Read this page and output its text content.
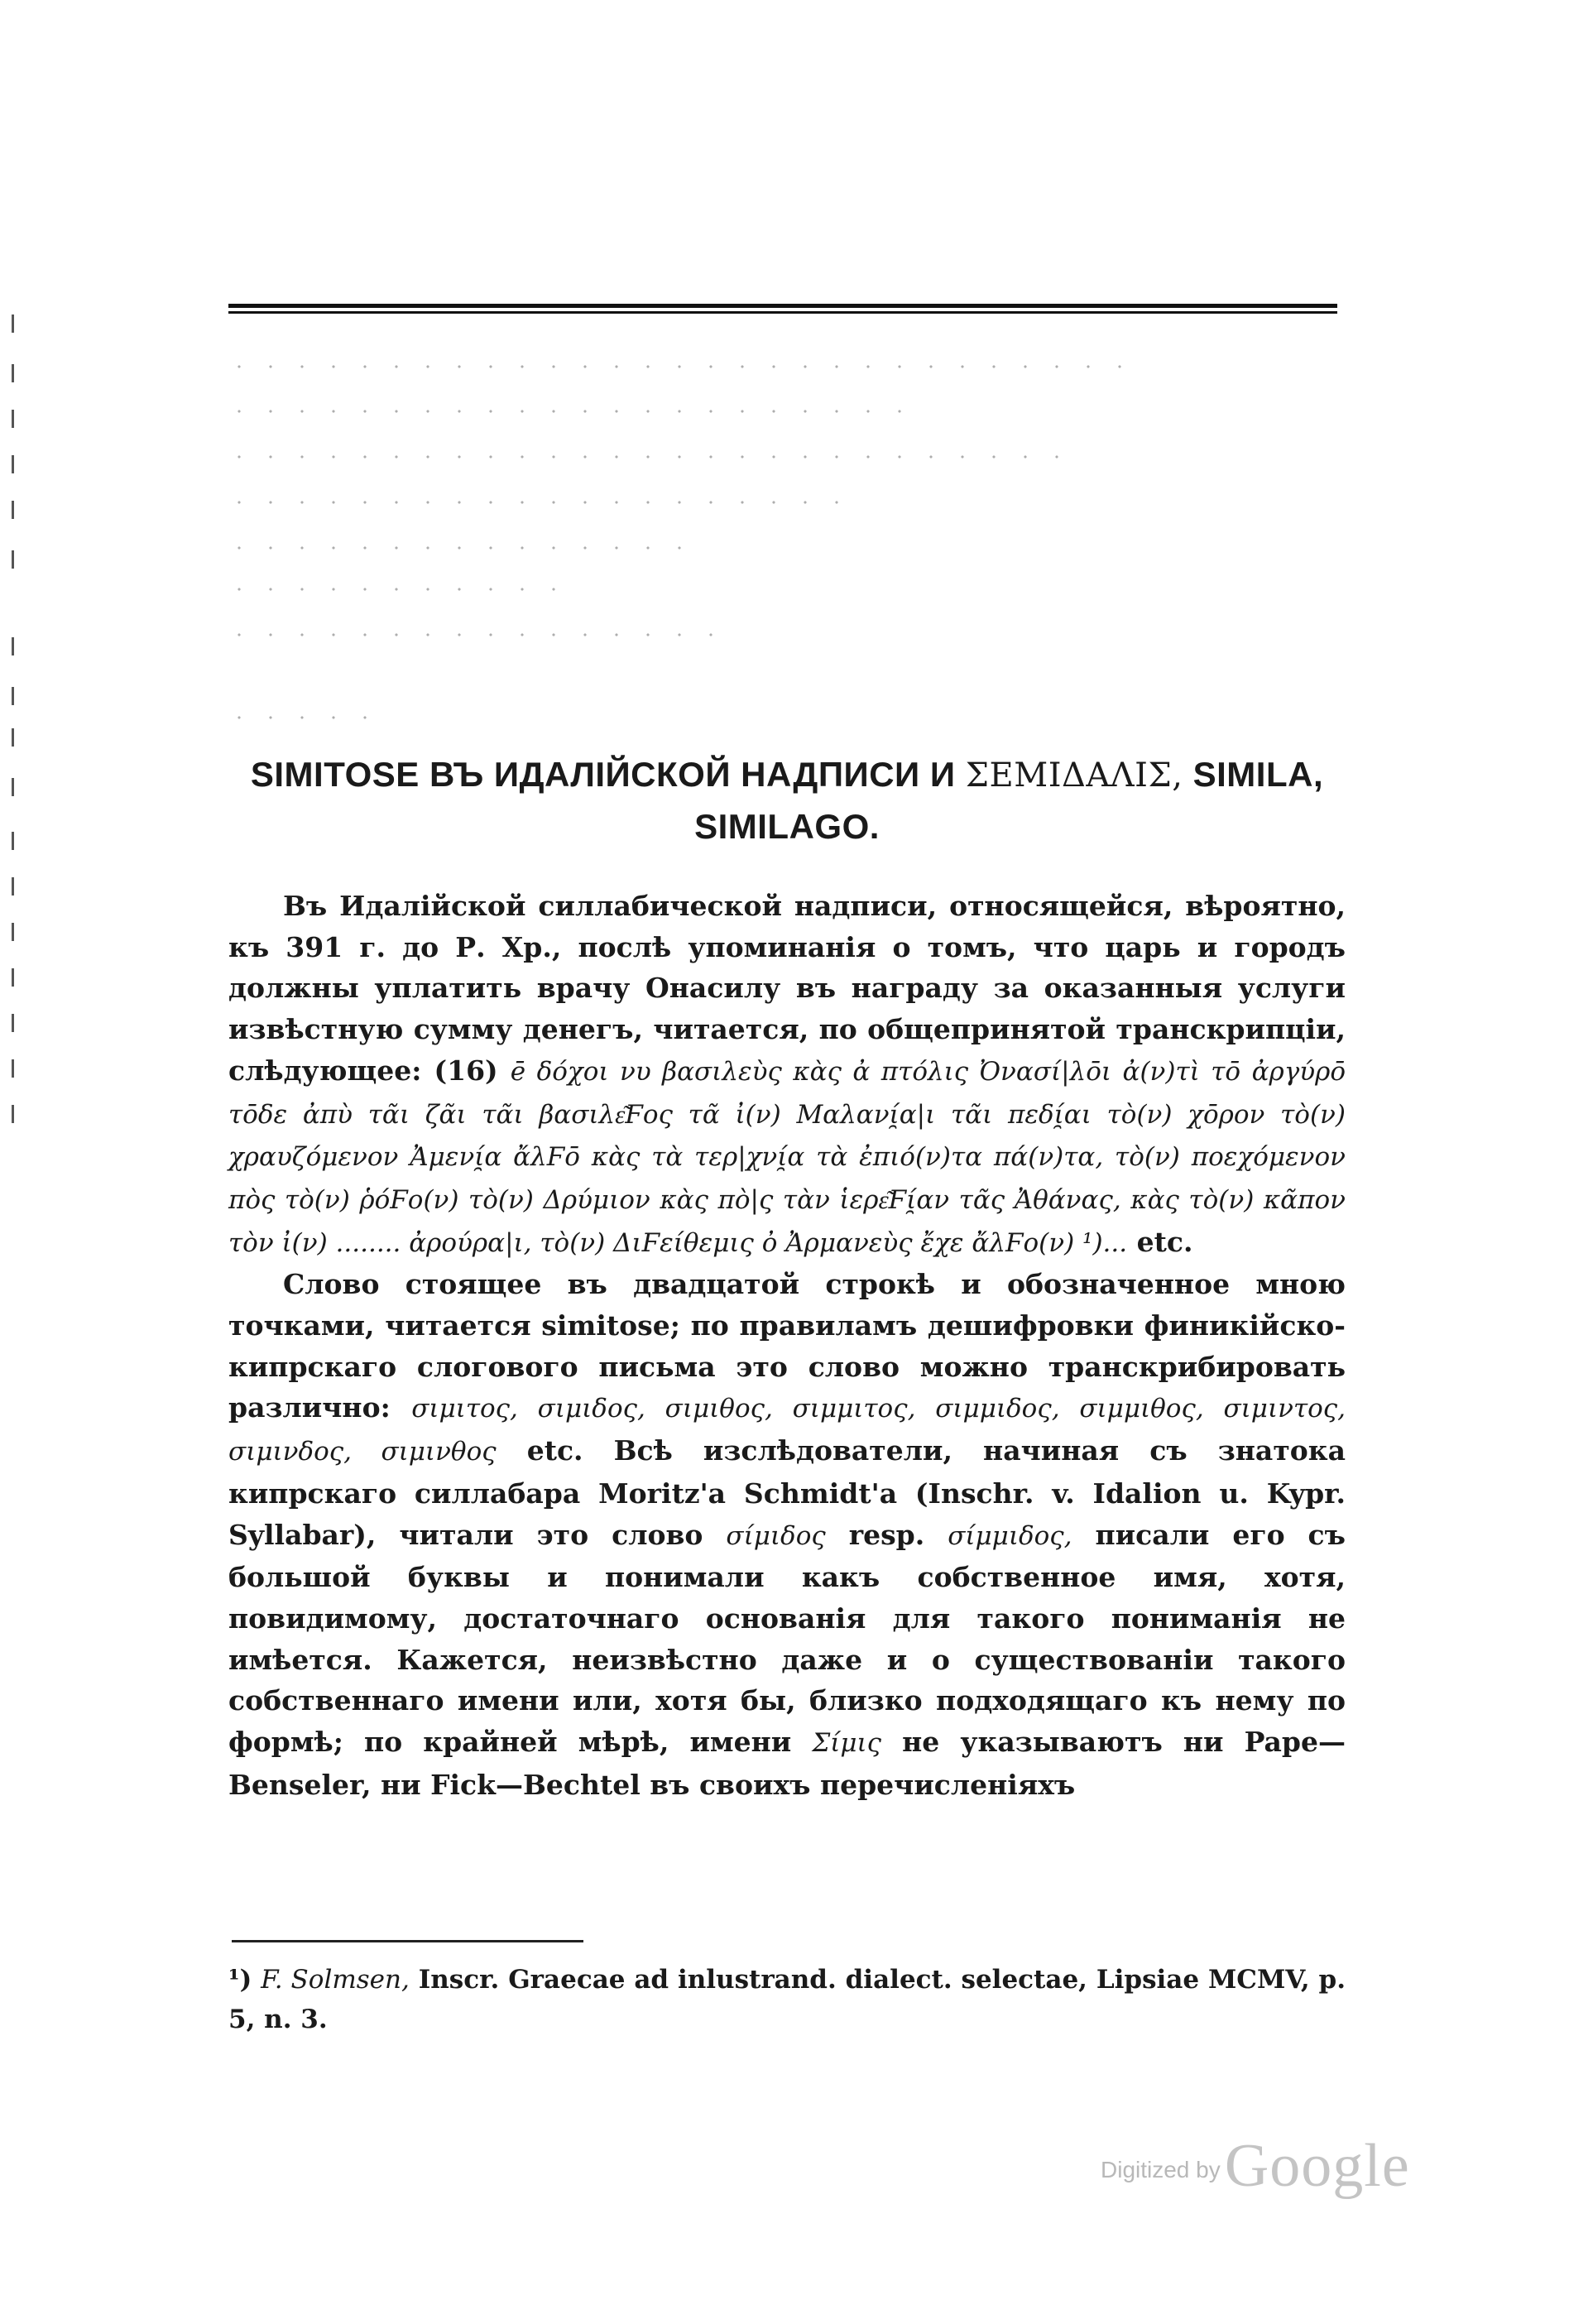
SIMITOSE ВЪ ИДАЛІЙСКОЙ НАДПИСИ И ΣΕΜΙΔΑΛΙΣ, SIMILA,
SIMILAGO.

Въ Идалійской силлабической надписи, относящейся, вѣроятно, къ 391 г. до Р. Хр., послѣ упоминанія о томъ, что царь и городъ должны уплатить врачу Онасилу въ награду за оказанныя услуги извѣстную сумму денегъ, читается, по общепринятой транскрипціи, слѣдующее: (16) ē δόχοι νυ βασιλεὺς κὰς ἀ πτόλις Ὀνασί|λōι ἀ(ν)τὶ τō ἀργύρō τōδε ἀπὺ τᾶι ζᾶι τᾶι βασιλε͂Ϝος τᾶ ἰ(ν) Μαλανί̯α|ι τᾶι πεδί̯αι τὸ(ν) χōρον τὸ(ν) χραυζόμενον Ἀμενί̯α ἄλϜō κὰς τὰ τερ|χνί̯α τὰ ἐπιό(ν)τα πά(ν)τα, τὸ(ν) ποεχόμενον πὸς τὸ(ν) ῥόϜο(ν) τὸ(ν) Δρύμιον κὰς πὸ|ς τὰν ἱερε͂Ϝί̯αν τᾶς Ἀθάνας, κὰς τὸ(ν) κᾶπον τὸν ἰ(ν) ........ ἀρούρα|ι, τὸ(ν) ΔιϜείθεμις ὀ Ἀρμανεὺς ἔχε ἄλϜο(ν) ¹)... etc.

Слово стоящее въ двадцатой строкѣ и обозначенное мною точками, читается simitose; по правиламъ дешифровки финикійско-кипрскаго слогового письма это слово можно транскрибировать различно: σιμιτος, σιμιδος, σιμιθος, σιμμιτος, σιμμιδος, σιμμιθος, σιμιντος, σιμινδος, σιμινθος etc. Всѣ изслѣдователи, начиная съ знатока кипрскаго силлабара Moritz'a Schmidt'a (Inschr. v. Idalion u. Kypr. Syllabar), читали это слово σίμιδος resp. σίμμιδος, писали его съ большой буквы и понимали какъ собственное имя, хотя, повидимому, достаточнаго основанія для такого пониманія не имѣется. Кажется, неизвѣстно даже и о существованіи такого собственнаго имени или, хотя бы, близко подходящаго къ нему по формѣ; по крайней мѣрѣ, имени Σίμις не указываютъ ни Pape—Benseler, ни Fick—Bechtel въ своихъ перечисленіяхъ

¹) F. Solmsen, Inscr. Graecae ad inlustrand. dialect. selectae, Lipsiae MCMV, p. 5, n. 3.
Digitized by Google
